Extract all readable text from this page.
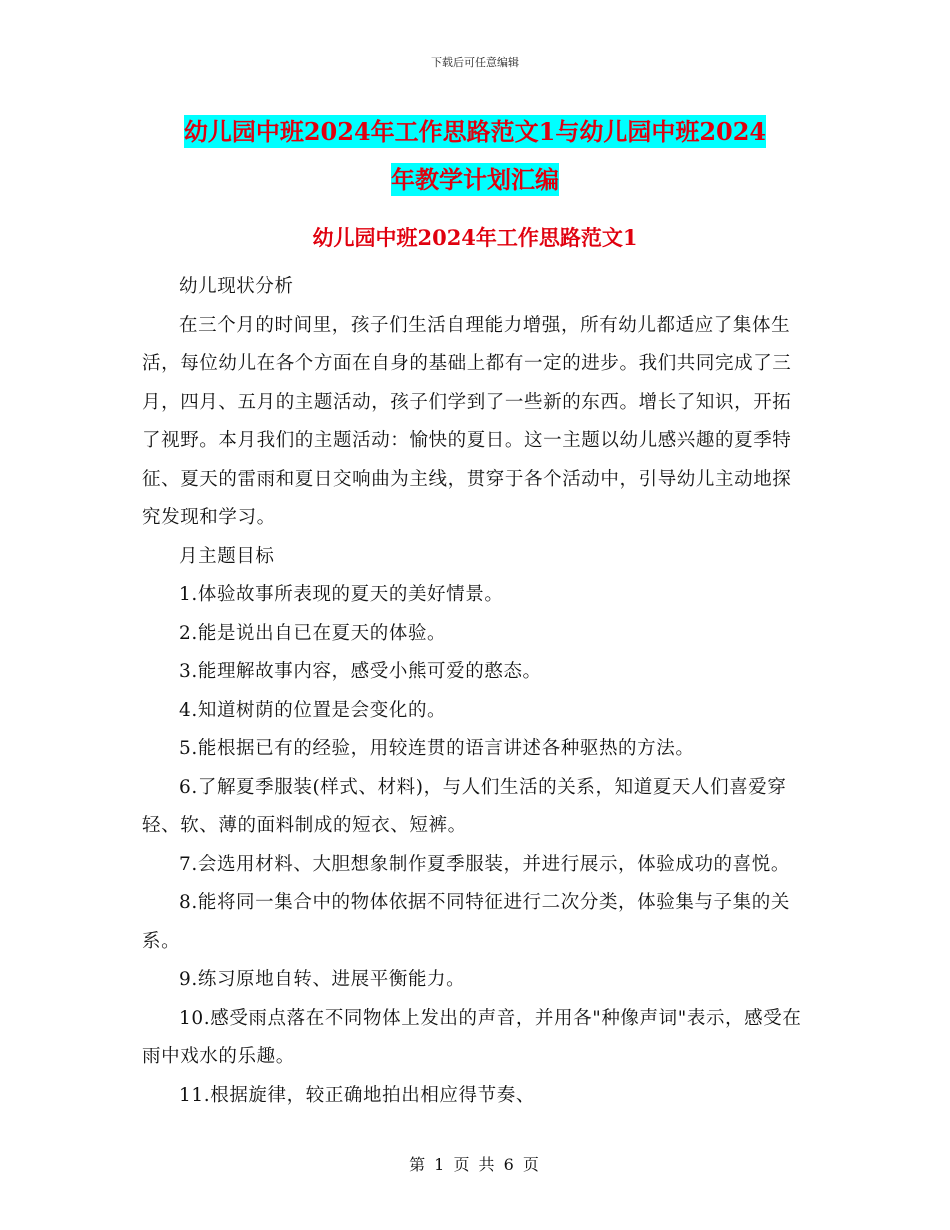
下载后可任意编辑
幼儿园中班2024年工作思路范文1与幼儿园中班2024
年教学计划汇编
幼儿园中班2024年工作思路范文1

幼儿现状分析

在三个月的时间里，孩子们生活自理能力增强，所有幼儿都适应了集体生活，每位幼儿在各个方面在自身的基础上都有一定的进步。我们共同完成了三月，四月、五月的主题活动，孩子们学到了一些新的东西。增长了知识，开拓了视野。本月我们的主题活动：愉快的夏日。这一主题以幼儿感兴趣的夏季特征、夏天的雷雨和夏日交响曲为主线，贯穿于各个活动中，引导幼儿主动地探究发现和学习。

月主题目标

1.体验故事所表现的夏天的美好情景。

2.能是说出自已在夏天的体验。

3.能理解故事内容，感受小熊可爱的憨态。

4.知道树荫的位置是会变化的。

5.能根据已有的经验，用较连贯的语言讲述各种驱热的方法。

6.了解夏季服装(样式、材料)，与人们生活的关系，知道夏天人们喜爱穿轻、软、薄的面料制成的短衣、短裤。

7.会选用材料、大胆想象制作夏季服装，并进行展示，体验成功的喜悦。

8.能将同一集合中的物体依据不同特征进行二次分类，体验集与子集的关系。

9.练习原地自转、进展平衡能力。

10.感受雨点落在不同物体上发出的声音，并用各"种像声词"表示，感受在雨中戏水的乐趣。

11.根据旋律，较正确地拍出相应得节奏、

第 1 页 共 6 页
